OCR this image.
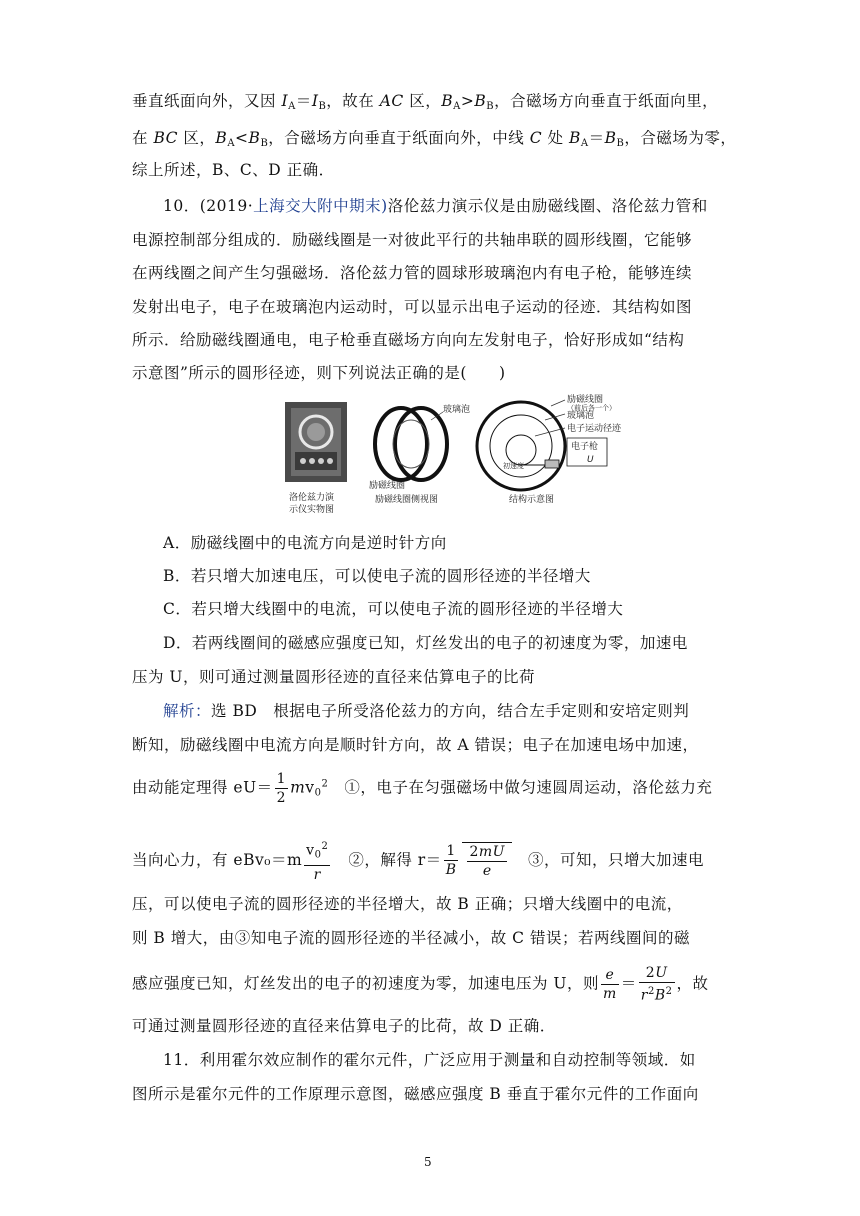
垂直纸面向外，又因 $I_A=I_B$，故在 AC 区，$B_A>B_B$，合磁场方向垂直于纸面向里，
在 BC 区，$B_A<B_B$，合磁场方向垂直于纸面向外，中线 C 处 $B_A=B_B$，合磁场为零，
综上所述，B、C、D 正确．
10．(2019·上海交大附中期末)洛伦兹力演示仪是由励磁线圈、洛伦兹力管和
电源控制部分组成的．励磁线圈是一对彼此平行的共轴串联的圆形线圈，它能够
在两线圈之间产生匀强磁场．洛伦兹力管的圆球形玻璃泡内有电子枪，能够连续
发射出电子，电子在玻璃泡内运动时，可以显示出电子运动的径迹．其结构如图
所示．给励磁线圈通电，电子枪垂直磁场方向向左发射电子，恰好形成如“结构
示意图”所示的圆形径迹，则下列说法正确的是(　　)
洛伦兹力演
示仪实物图
玻璃泡
励磁线圈
励磁线圈侧视图
励磁线圈
（前后各一个）
玻璃泡
电子运动径迹
电子枪
初速度
U
结构示意图
A．励磁线圈中的电流方向是逆时针方向
B．若只增大加速电压，可以使电子流的圆形径迹的半径增大
C．若只增大线圈中的电流，可以使电子流的圆形径迹的半径增大
D．若两线圈间的磁感应强度已知，灯丝发出的电子的初速度为零，加速电
压为 U，则可通过测量圆形径迹的直径来估算电子的比荷
解析：选 BD　根据电子所受洛伦兹力的方向，结合左手定则和安培定则判
断知，励磁线圈中电流方向是顺时针方向，故 A 错误；电子在加速电场中加速，
由动能定理得 $eU= \frac{1}{2} mv_0^2$　①，电子在匀强磁场中做匀速圆周运动，洛伦兹力充
当向心力，有 $eBv_0=m \frac{v_0^2}{r}$ 　②，解得 $r= \frac{1}{B} \frac{2mU}{e}$ 　③，可知，只增大加速电
压，可以使电子流的圆形径迹的半径增大，故 B 正确；只增大线圈中的电流，
则 B 增大，由③知电子流的圆形径迹的半径减小，故 C 错误；若两线圈间的磁
感应强度已知，灯丝发出的电子的初速度为零，加速电压为 U，则 $\frac{e}{m} = \frac{2U}{r^2B^2}$ ，故
可通过测量圆形径迹的直径来估算电子的比荷，故 D 正确．
11．利用霍尔效应制作的霍尔元件，广泛应用于测量和自动控制等领域．如
图所示是霍尔元件的工作原理示意图，磁感应强度 B 垂直于霍尔元件的工作面向
5
